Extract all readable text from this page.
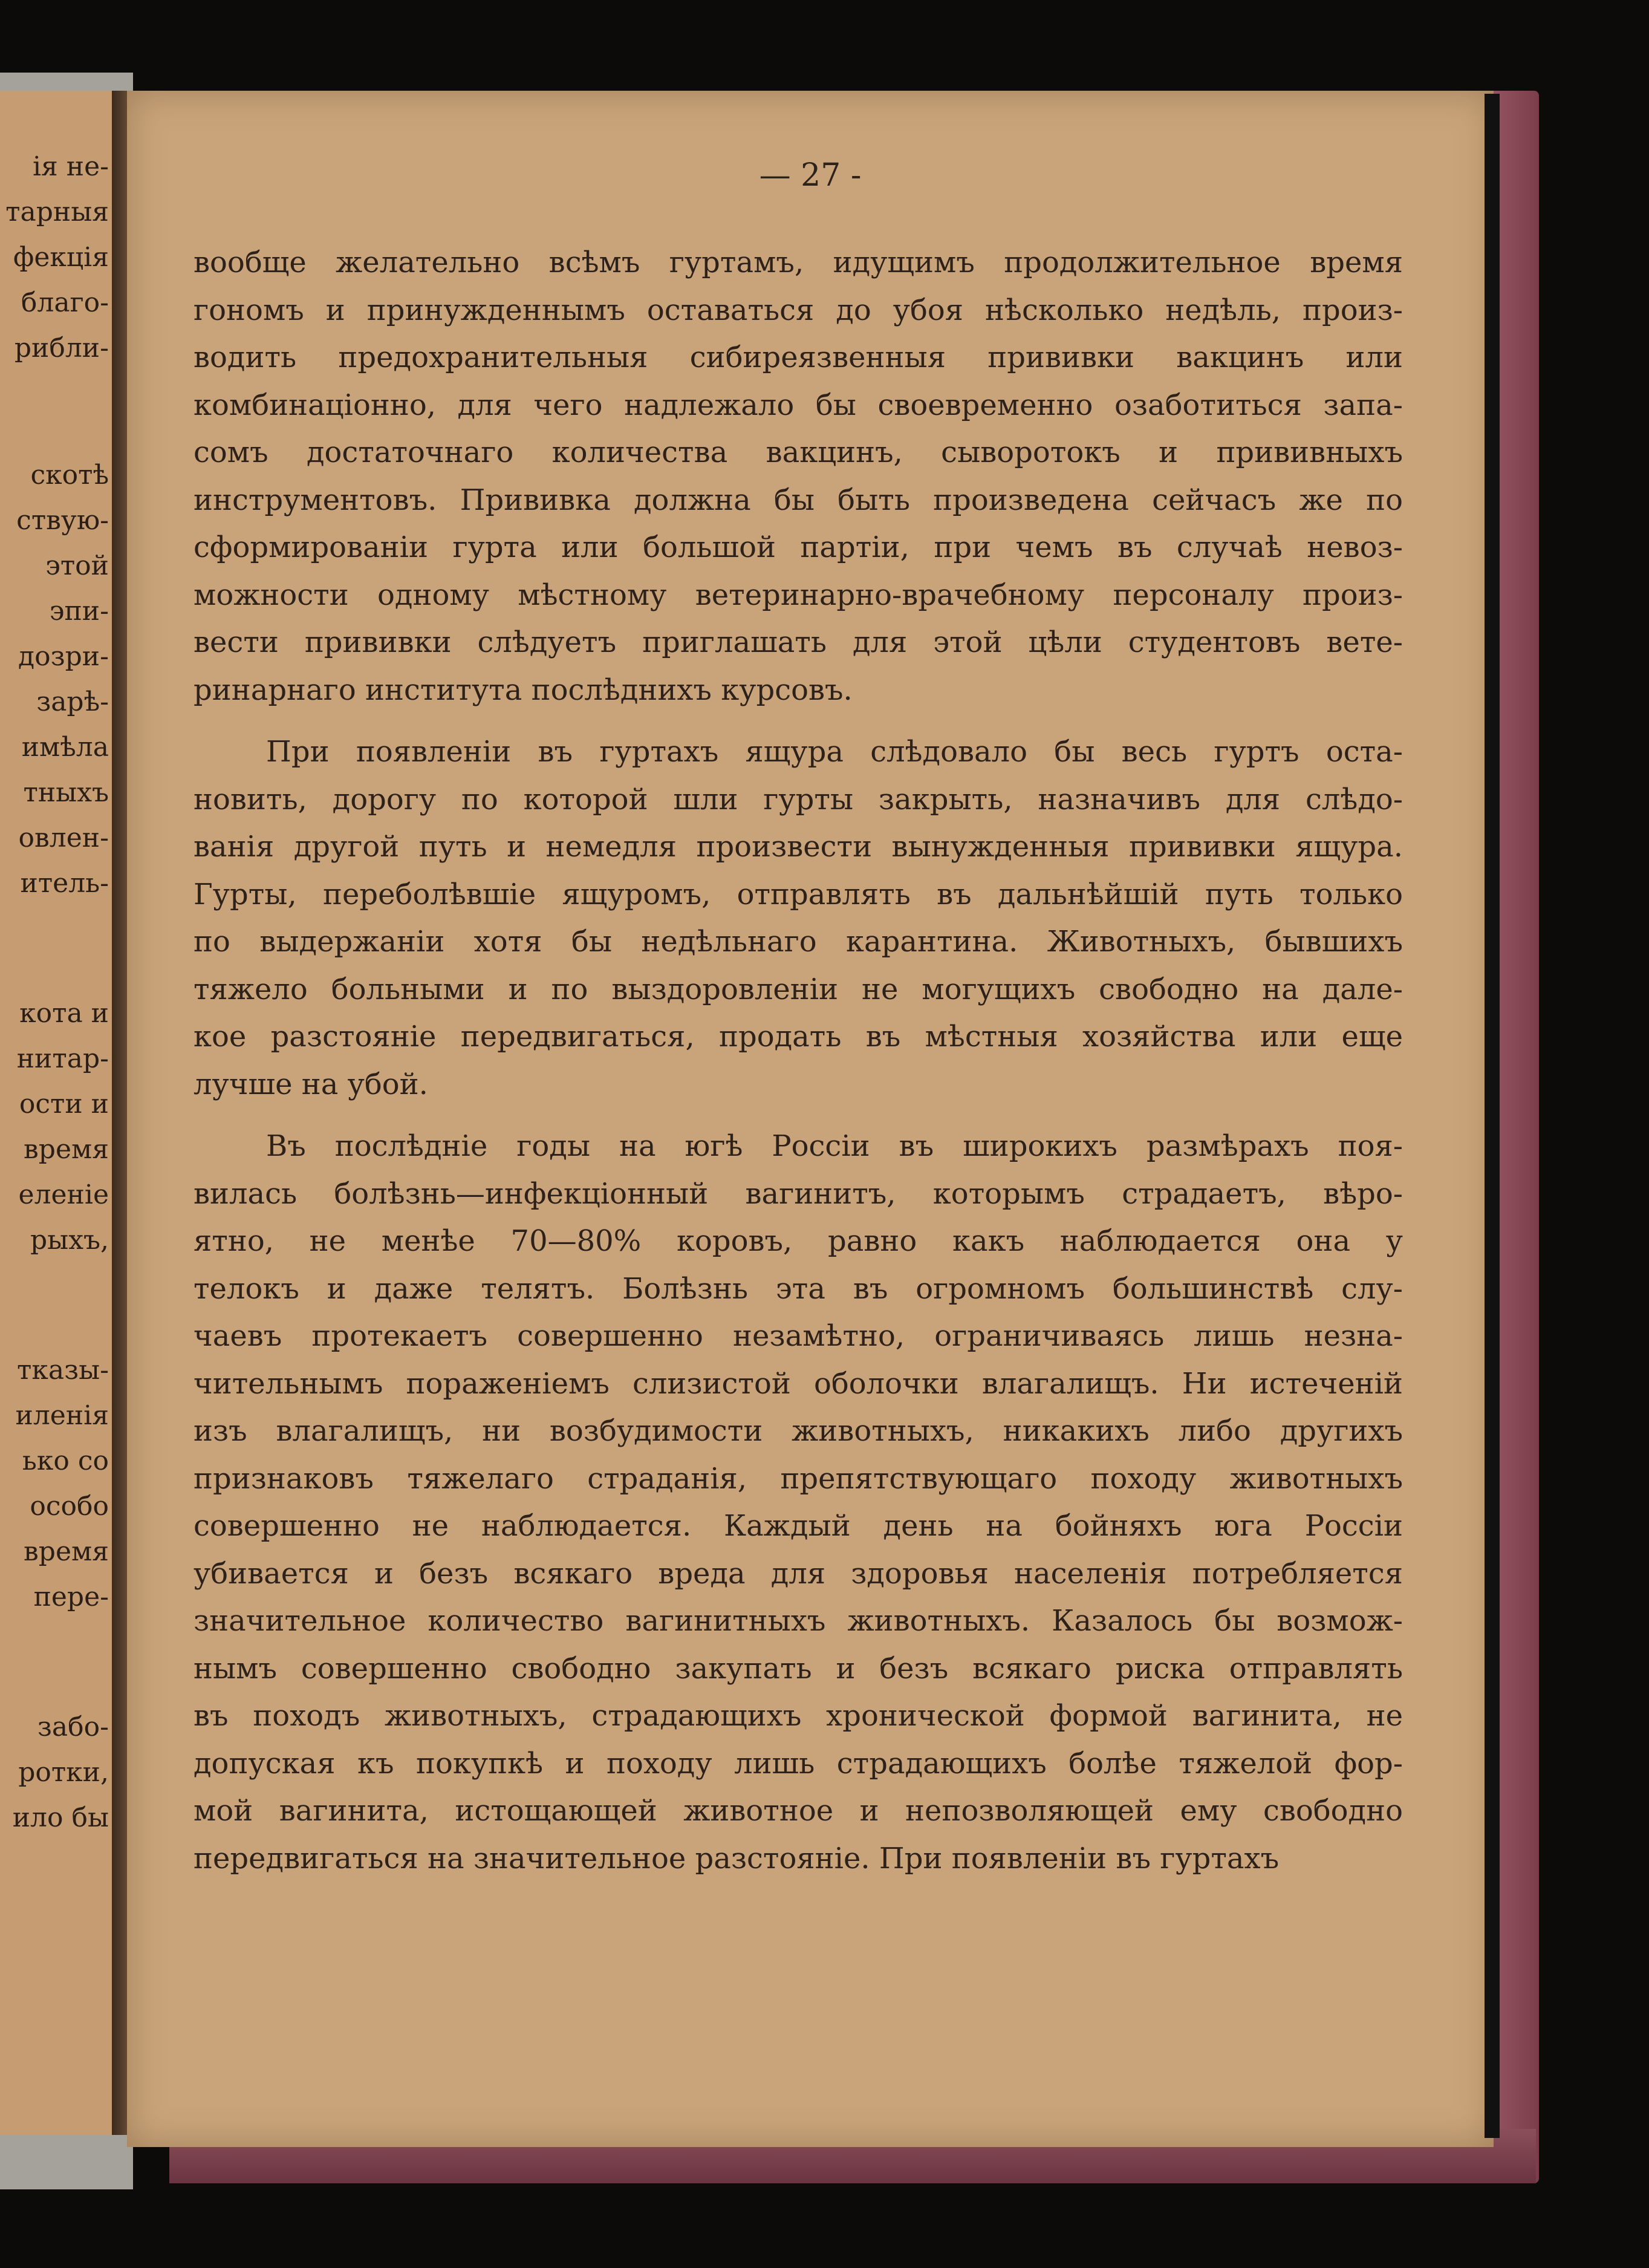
ія не-
тарныя
фекція
благо-
рибли-
скотѣ
ствую-
этой
эпи-
дозри-
зарѣ-
имѣла
тныхъ
овлен-
итель-
кота и
нитар-
ости и
время
еленіе
рыхъ,
тказы-
иленія
ько со
особо
время
пере-
забо-
ротки,
ило бы
— 27 -
вообще желательно всѣмъ гуртамъ, идущимъ продолжительное время
гономъ и принужденнымъ оставаться до убоя нѣсколько недѣль, произ-
водить предохранительныя сибиреязвенныя прививки вакцинъ или
комбинаціонно, для чего надлежало бы своевременно озаботиться запа-
сомъ достаточнаго количества вакцинъ, сыворотокъ и прививныхъ
инструментовъ. Прививка должна бы быть произведена сейчасъ же по
сформированіи гурта или большой партіи, при чемъ въ случаѣ невоз-
можности одному мѣстному ветеринарно-врачебному персоналу произ-
вести прививки слѣдуетъ приглашать для этой цѣли студентовъ вете-
ринарнаго института послѣднихъ курсовъ.
При появленіи въ гуртахъ ящура слѣдовало бы весь гуртъ оста-
новить, дорогу по которой шли гурты закрыть, назначивъ для слѣдо-
ванія другой путь и немедля произвести вынужденныя прививки ящура.
Гурты, переболѣвшіе ящуромъ, отправлять въ дальнѣйшій путь только
по выдержаніи хотя бы недѣльнаго карантина. Животныхъ, бывшихъ
тяжело больными и по выздоровленіи не могущихъ свободно на дале-
кое разстояніе передвигаться, продать въ мѣстныя хозяйства или еще
лучше на убой.
Въ послѣдніе годы на югѣ Россіи въ широкихъ размѣрахъ поя-
вилась болѣзнь—инфекціонный вагинитъ, которымъ страдаетъ, вѣро-
ятно, не менѣе 70—80% коровъ, равно какъ наблюдается она у
телокъ и даже телятъ. Болѣзнь эта въ огромномъ большинствѣ слу-
чаевъ протекаетъ совершенно незамѣтно, ограничиваясь лишь незна-
чительнымъ пораженіемъ слизистой оболочки влагалищъ. Ни истеченій
изъ влагалищъ, ни возбудимости животныхъ, никакихъ либо другихъ
признаковъ тяжелаго страданія, препятствующаго походу животныхъ
совершенно не наблюдается. Каждый день на бойняхъ юга Россіи
убивается и безъ всякаго вреда для здоровья населенія потребляется
значительное количество вагинитныхъ животныхъ. Казалось бы возмож-
нымъ совершенно свободно закупать и безъ всякаго риска отправлять
въ походъ животныхъ, страдающихъ хронической формой вагинита, не
допуская къ покупкѣ и походу лишь страдающихъ болѣе тяжелой фор-
мой вагинита, истощающей животное и непозволяющей ему свободно
передвигаться на значительное разстояніе. При появленіи въ гуртахъ
